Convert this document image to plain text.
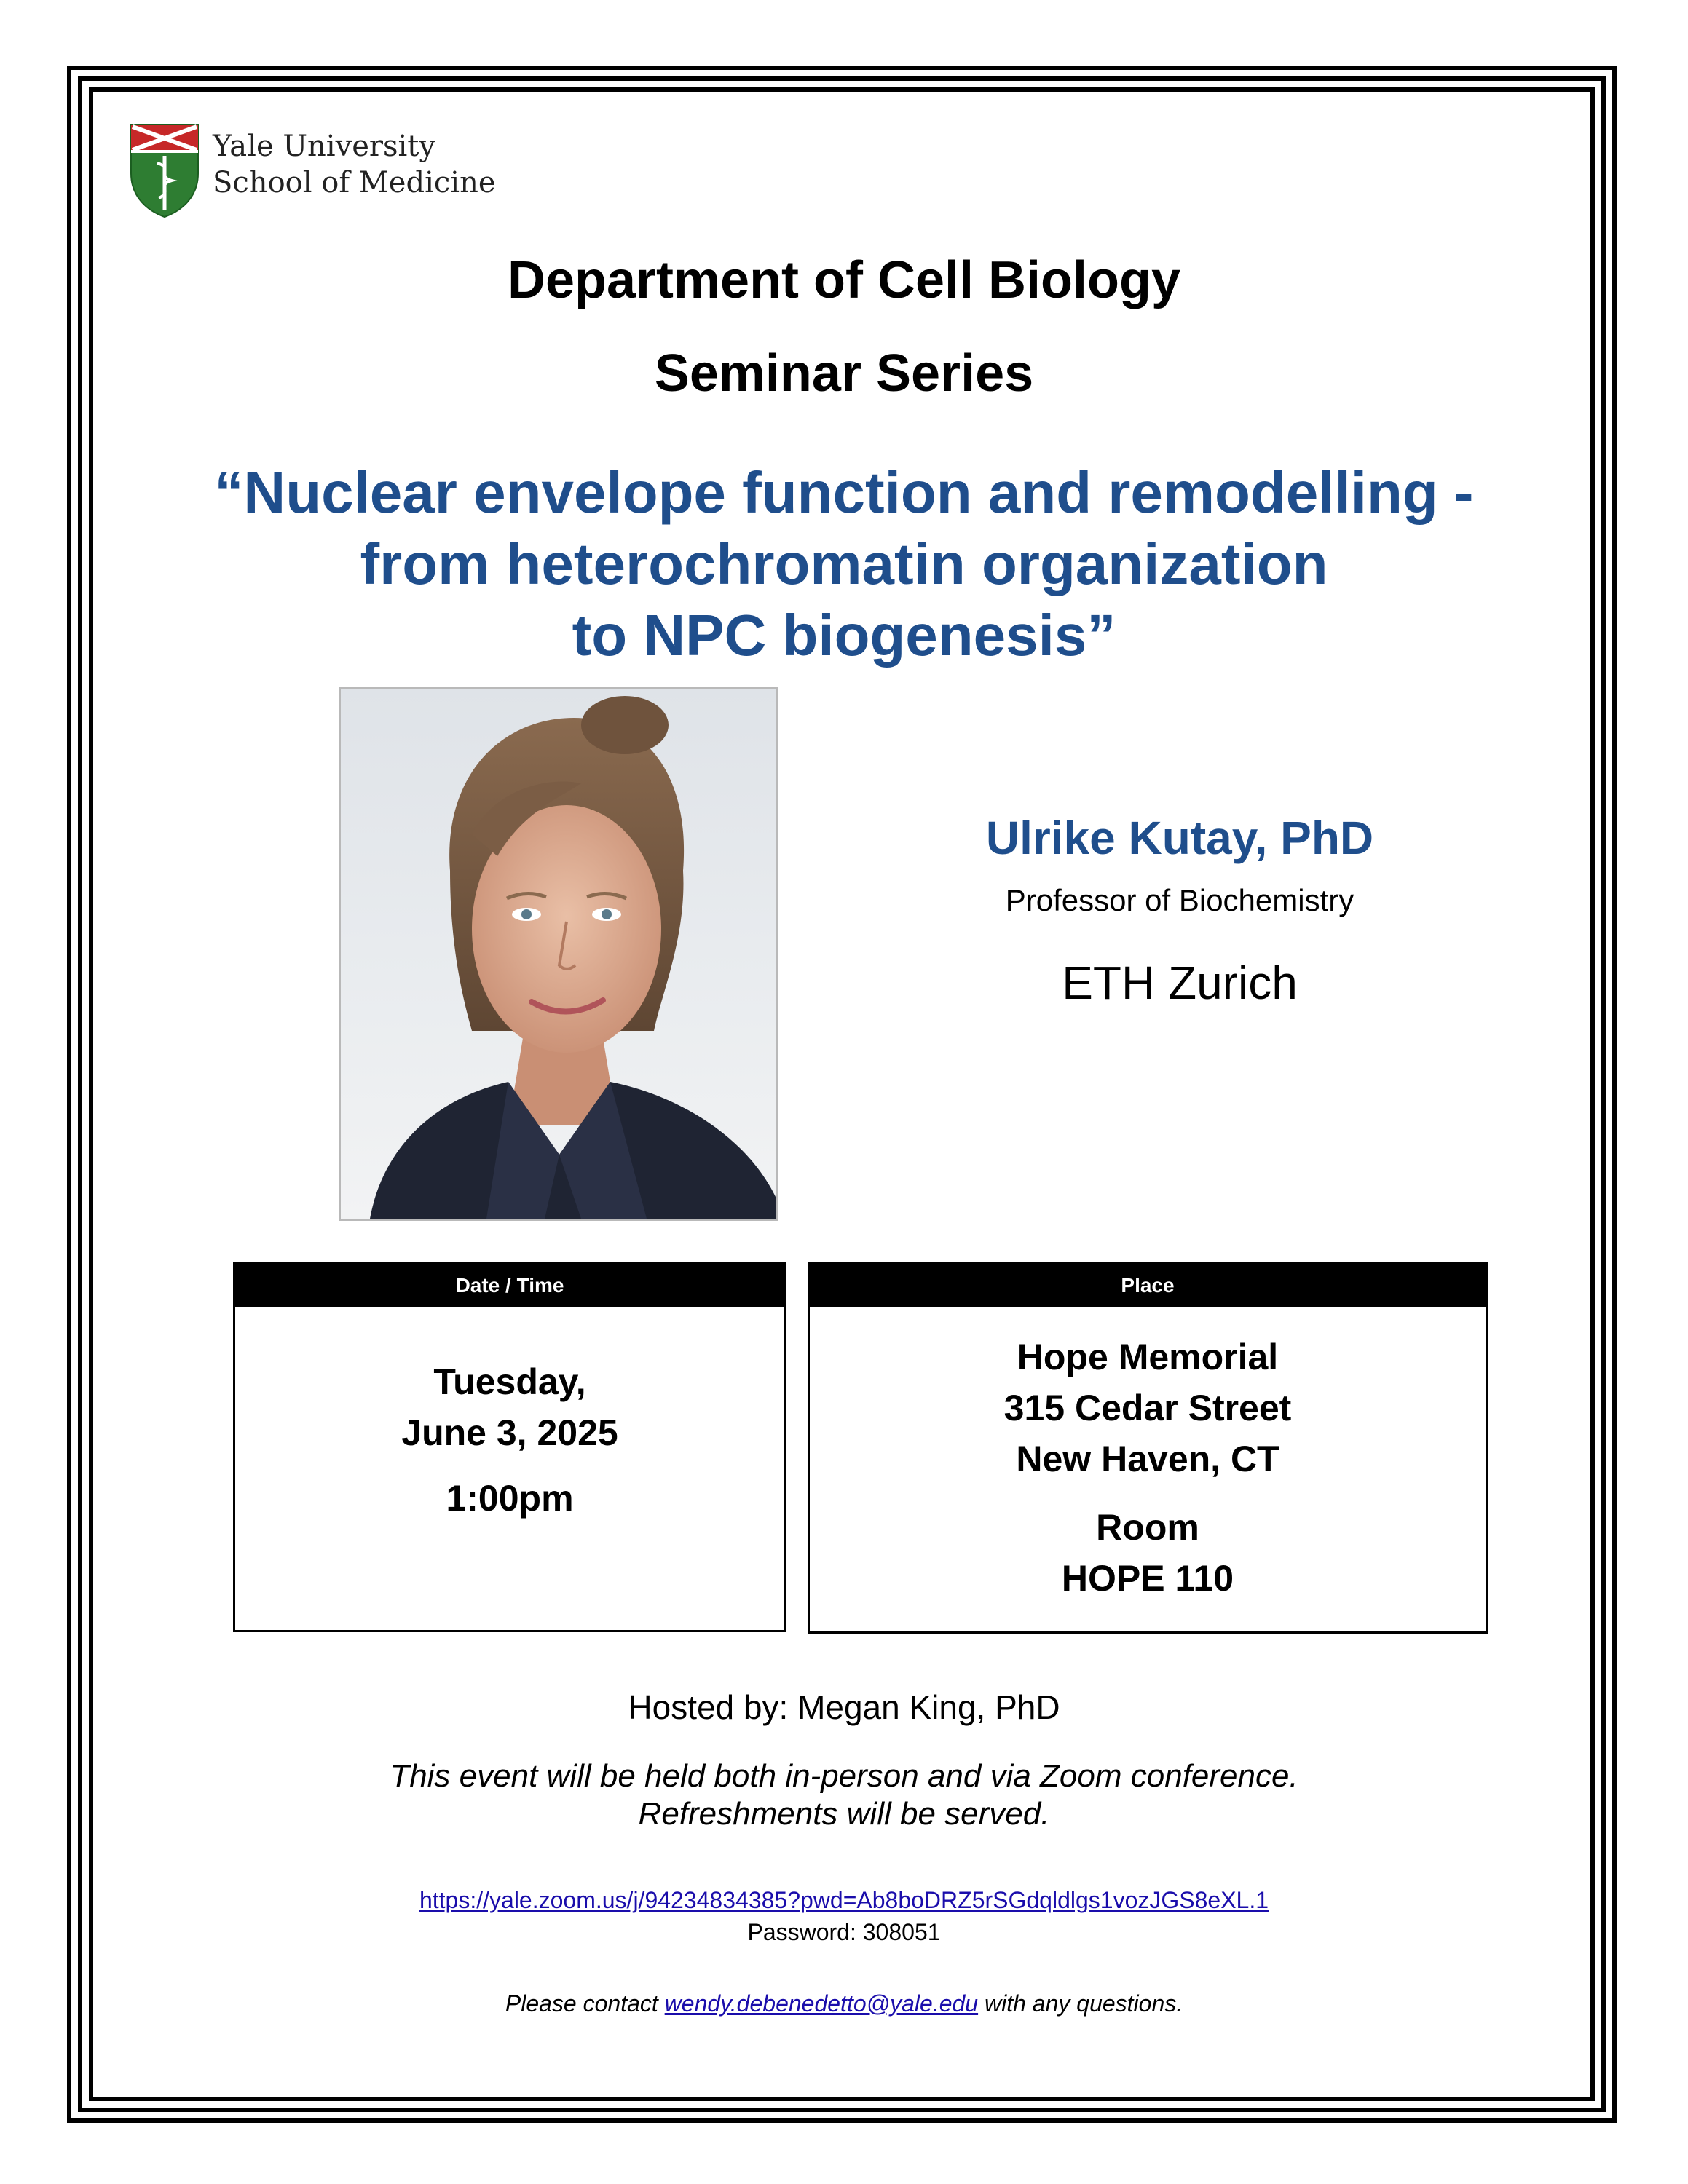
Yale University
School of Medicine
Department of Cell Biology
Seminar Series
“Nuclear envelope function and remodelling -
from heterochromatin organization
to NPC biogenesis”
Ulrike Kutay, PhD
Professor of Biochemistry
ETH Zurich
Date / Time
Tuesday,
June 3, 2025
1:00pm
Place
Hope Memorial
315 Cedar Street
New Haven, CT
Room
HOPE 110
Hosted by: Megan King, PhD
This event will be held both in-person and via Zoom conference.
Refreshments will be served.
https://yale.zoom.us/j/94234834385?pwd=Ab8boDRZ5rSGdqldlgs1vozJGS8eXL.1
Password: 308051
Please contact wendy.debenedetto@yale.edu with any questions.
